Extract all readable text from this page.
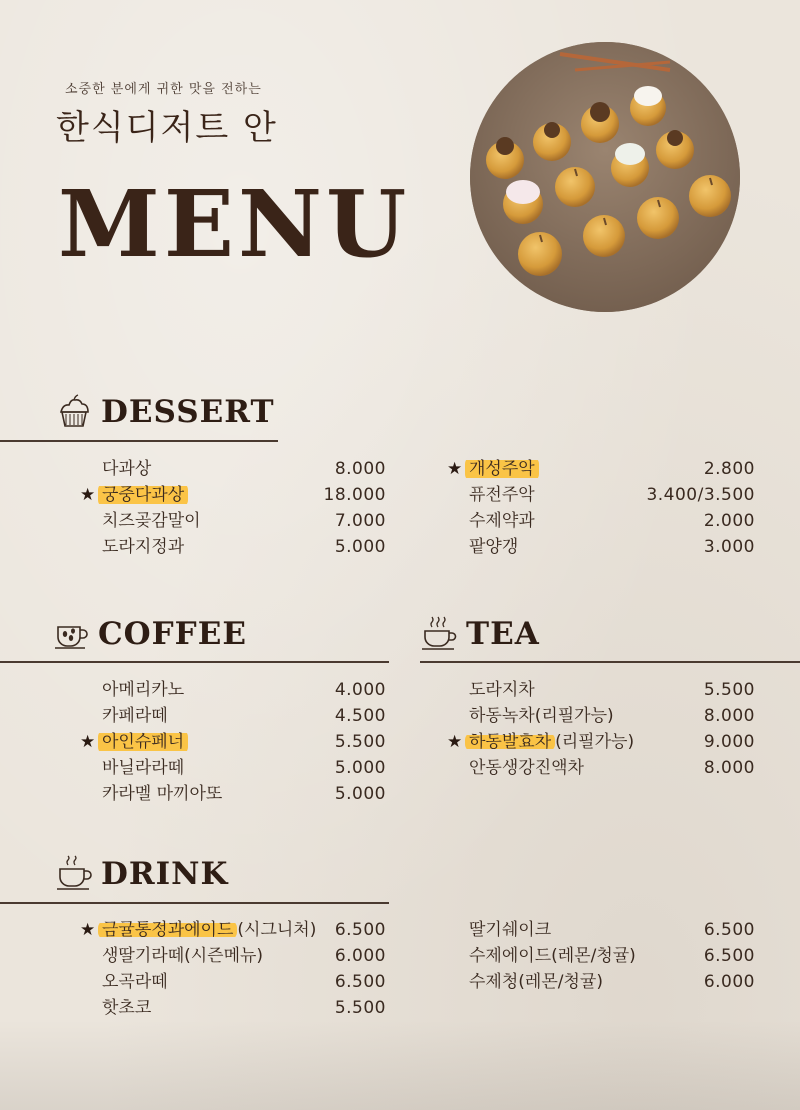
소중한 분에게 귀한 맛을 전하는
한식디저트 안
MENU
DESSERT
다과상	8.000
★ 궁중다과상	18.000
치즈곶감말이	7.000
도라지정과	5.000
★ 개성주악	2.800
퓨전주악	3.400/3.500
수제약과	2.000
팥양갱	3.000
COFFEE
아메리카노	4.000
카페라떼	4.500
★ 아인슈페너	5.500
바닐라라떼	5.000
카라멜 마끼아또	5.000
TEA
도라지차	5.500
하동녹차(리필가능)	8.000
★ 하동발효차 (리필가능)	9.000
안동생강진액차	8.000
DRINK
★ 금귤통정과에이드 (시그니처) 6.500
생딸기라떼(시즌메뉴)	6.000
오곡라떼	6.500
핫초코	5.500
딸기쉐이크	6.500
수제에이드(레몬/청귤)	6.500
수제청(레몬/청귤)	6.000
